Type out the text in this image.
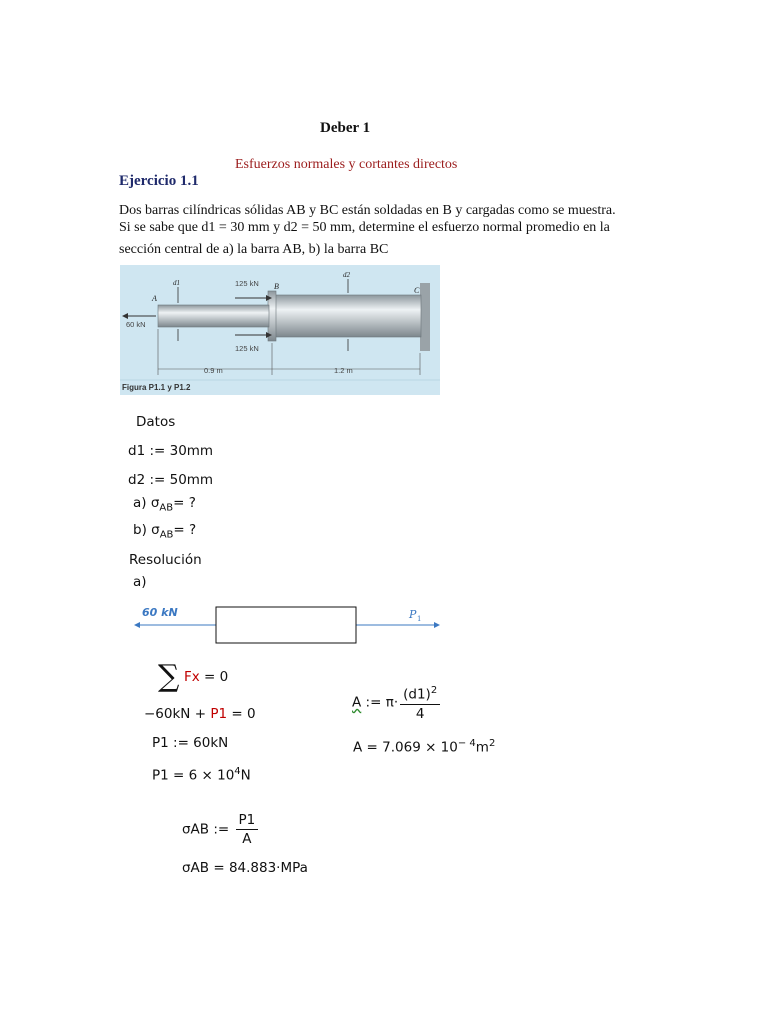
Deber 1
Esfuerzos normales y cortantes directos
Ejercicio 1.1
Dos barras cilíndricas sólidas AB y BC están soldadas en B y cargadas como se muestra.
Si se sabe que d1 = 30 mm y d2 = 50 mm, determine el esfuerzo normal promedio en la
sección central de a) la barra AB, b) la barra BC
A
B	C
d1
d2
125 kN
125 kN
60 kN
0.9 m	1.2 m
Figura P1.1 y P1.2
Datos
d1 := 30mm
d2 := 50mm
a) $\sigma_{AB}=$ ?
b) $\sigma_{AB}=$ ?
Resolución
a)
60 kN	P 1
∑ Fx = 0
−60kN + P1 = 0
P1 := 60kN
$P1 = 6 \times 10^4N$
A := $\pi\cdot \frac{(d1)^2}{4}$
$A = 7.069 \times 10^{- 4}m^2$
σAB := $\frac{P1}{A}$
σAB = 84.883·MPa
